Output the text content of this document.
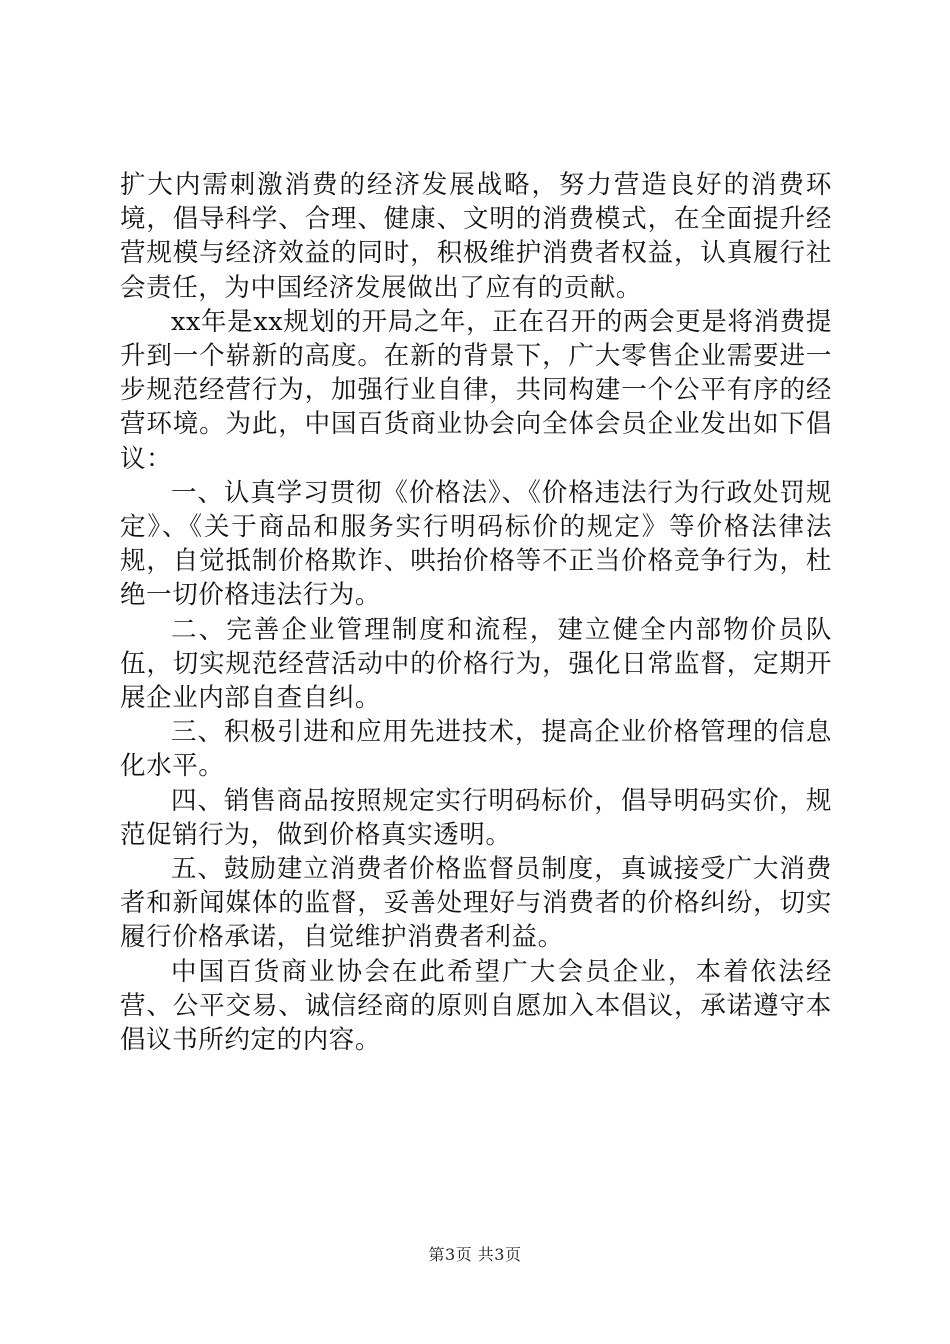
扩大内需刺激消费的经济发展战略，努力营造良好的消费环境，倡导科学、合理、健康、文明的消费模式，在全面提升经营规模与经济效益的同时，积极维护消费者权益，认真履行社会责任，为中国经济发展做出了应有的贡献。

xx年是xx规划的开局之年，正在召开的两会更是将消费提升到一个崭新的高度。在新的背景下，广大零售企业需要进一步规范经营行为，加强行业自律，共同构建一个公平有序的经营环境。为此，中国百货商业协会向全体会员企业发出如下倡议：

一、认真学习贯彻《价格法》、《价格违法行为行政处罚规定》、《关于商品和服务实行明码标价的规定》等价格法律法规，自觉抵制价格欺诈、哄抬价格等不正当价格竞争行为，杜绝一切价格违法行为。

二、完善企业管理制度和流程，建立健全内部物价员队伍，切实规范经营活动中的价格行为，强化日常监督，定期开展企业内部自查自纠。

三、积极引进和应用先进技术，提高企业价格管理的信息化水平。

四、销售商品按照规定实行明码标价，倡导明码实价，规范促销行为，做到价格真实透明。

五、鼓励建立消费者价格监督员制度，真诚接受广大消费者和新闻媒体的监督，妥善处理好与消费者的价格纠纷，切实履行价格承诺，自觉维护消费者利益。

中国百货商业协会在此希望广大会员企业，本着依法经营、公平交易、诚信经商的原则自愿加入本倡议，承诺遵守本倡议书所约定的内容。

第3页 共3页
